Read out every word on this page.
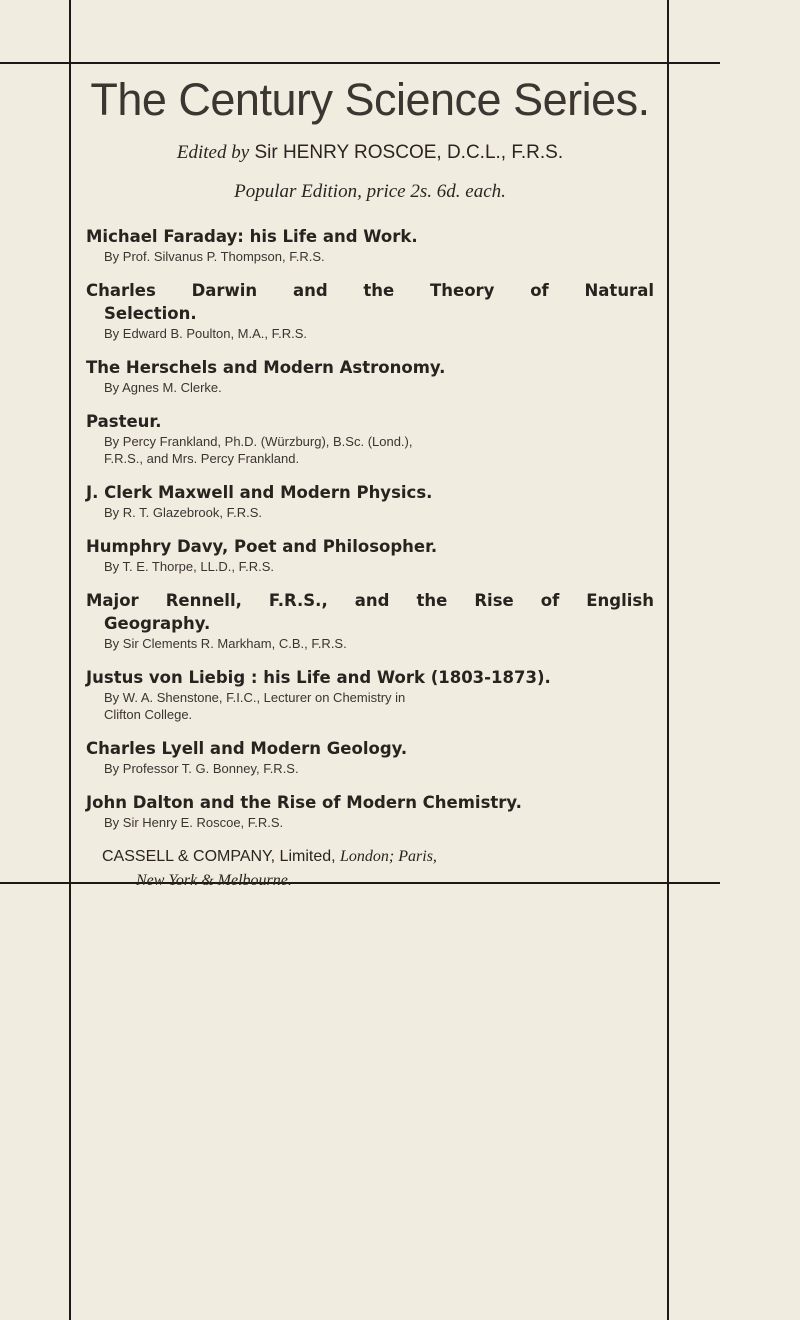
The Century Science Series.

Edited by Sir HENRY ROSCOE, D.C.L., F.R.S.

Popular Edition, price 2s. 6d. each.

Michael Faraday: his Life and Work.
By Prof. Silvanus P. Thompson, F.R.S.
Charles Darwin and the Theory of Natural
Selection.
By Edward B. Poulton, M.A., F.R.S.
The Herschels and Modern Astronomy.
By Agnes M. Clerke.
Pasteur.
By Percy Frankland, Ph.D. (Würzburg), B.Sc. (Lond.),
F.R.S., and Mrs. Percy Frankland.
J. Clerk Maxwell and Modern Physics.
By R. T. Glazebrook, F.R.S.
Humphry Davy, Poet and Philosopher.
By T. E. Thorpe, LL.D., F.R.S.
Major Rennell, F.R.S., and the Rise of English
Geography.
By Sir Clements R. Markham, C.B., F.R.S.
Justus von Liebig : his Life and Work (1803-1873).
By W. A. Shenstone, F.I.C., Lecturer on Chemistry in
Clifton College.
Charles Lyell and Modern Geology.
By Professor T. G. Bonney, F.R.S.
John Dalton and the Rise of Modern Chemistry.
By Sir Henry E. Roscoe, F.R.S.
CASSELL & COMPANY, Limited, London; Paris,
New York & Melbourne.
